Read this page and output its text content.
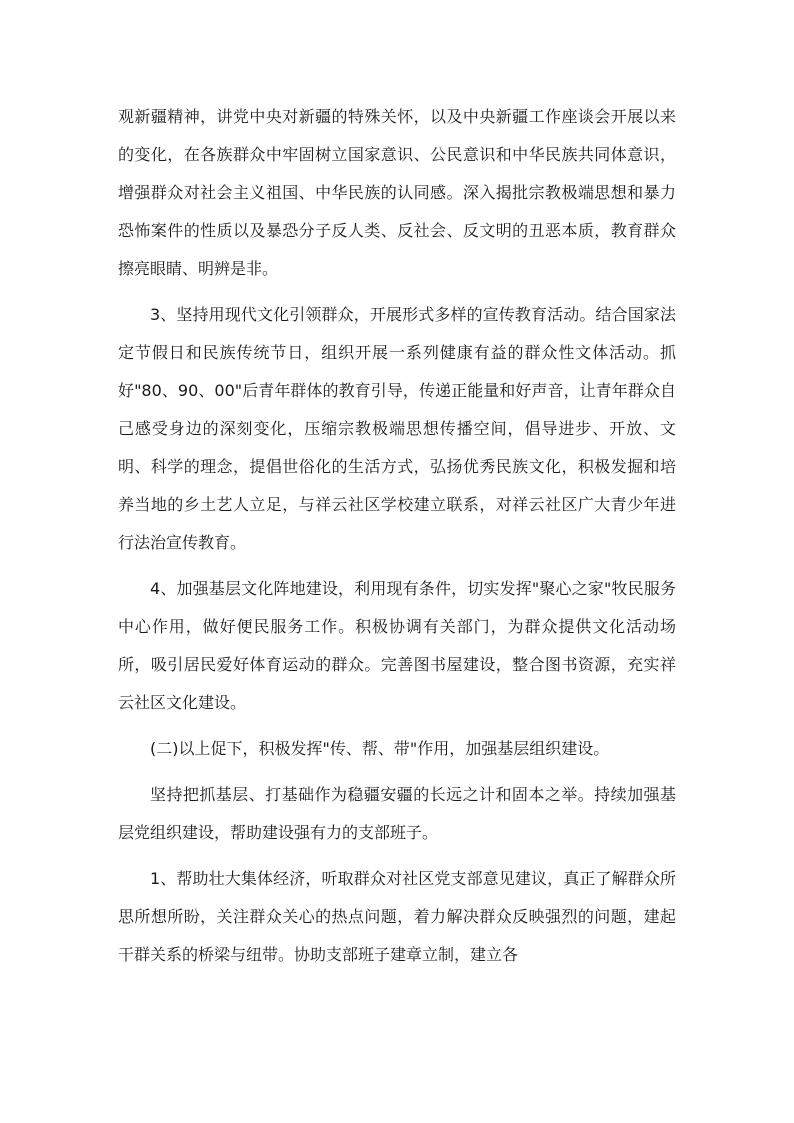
观新疆精神，讲党中央对新疆的特殊关怀，以及中央新疆工作座谈会开展以来的变化，在各族群众中牢固树立国家意识、公民意识和中华民族共同体意识，增强群众对社会主义祖国、中华民族的认同感。深入揭批宗教极端思想和暴力恐怖案件的性质以及暴恐分子反人类、反社会、反文明的丑恶本质，教育群众擦亮眼睛、明辨是非。

3、坚持用现代文化引领群众，开展形式多样的宣传教育活动。结合国家法定节假日和民族传统节日，组织开展一系列健康有益的群众性文体活动。抓好"80、90、00"后青年群体的教育引导，传递正能量和好声音，让青年群众自己感受身边的深刻变化，压缩宗教极端思想传播空间，倡导进步、开放、文明、科学的理念，提倡世俗化的生活方式，弘扬优秀民族文化，积极发掘和培养当地的乡土艺人立足，与祥云社区学校建立联系，对祥云社区广大青少年进行法治宣传教育。

4、加强基层文化阵地建设，利用现有条件，切实发挥"聚心之家"牧民服务中心作用，做好便民服务工作。积极协调有关部门，为群众提供文化活动场所，吸引居民爱好体育运动的群众。完善图书屋建设，整合图书资源，充实祥云社区文化建设。

(二)以上促下，积极发挥"传、帮、带"作用，加强基层组织建设。

坚持把抓基层、打基础作为稳疆安疆的长远之计和固本之举。持续加强基层党组织建设，帮助建设强有力的支部班子。

1、帮助壮大集体经济，听取群众对社区党支部意见建议，真正了解群众所思所想所盼，关注群众关心的热点问题，着力解决群众反映强烈的问题，建起干群关系的桥梁与纽带。协助支部班子建章立制，建立各
